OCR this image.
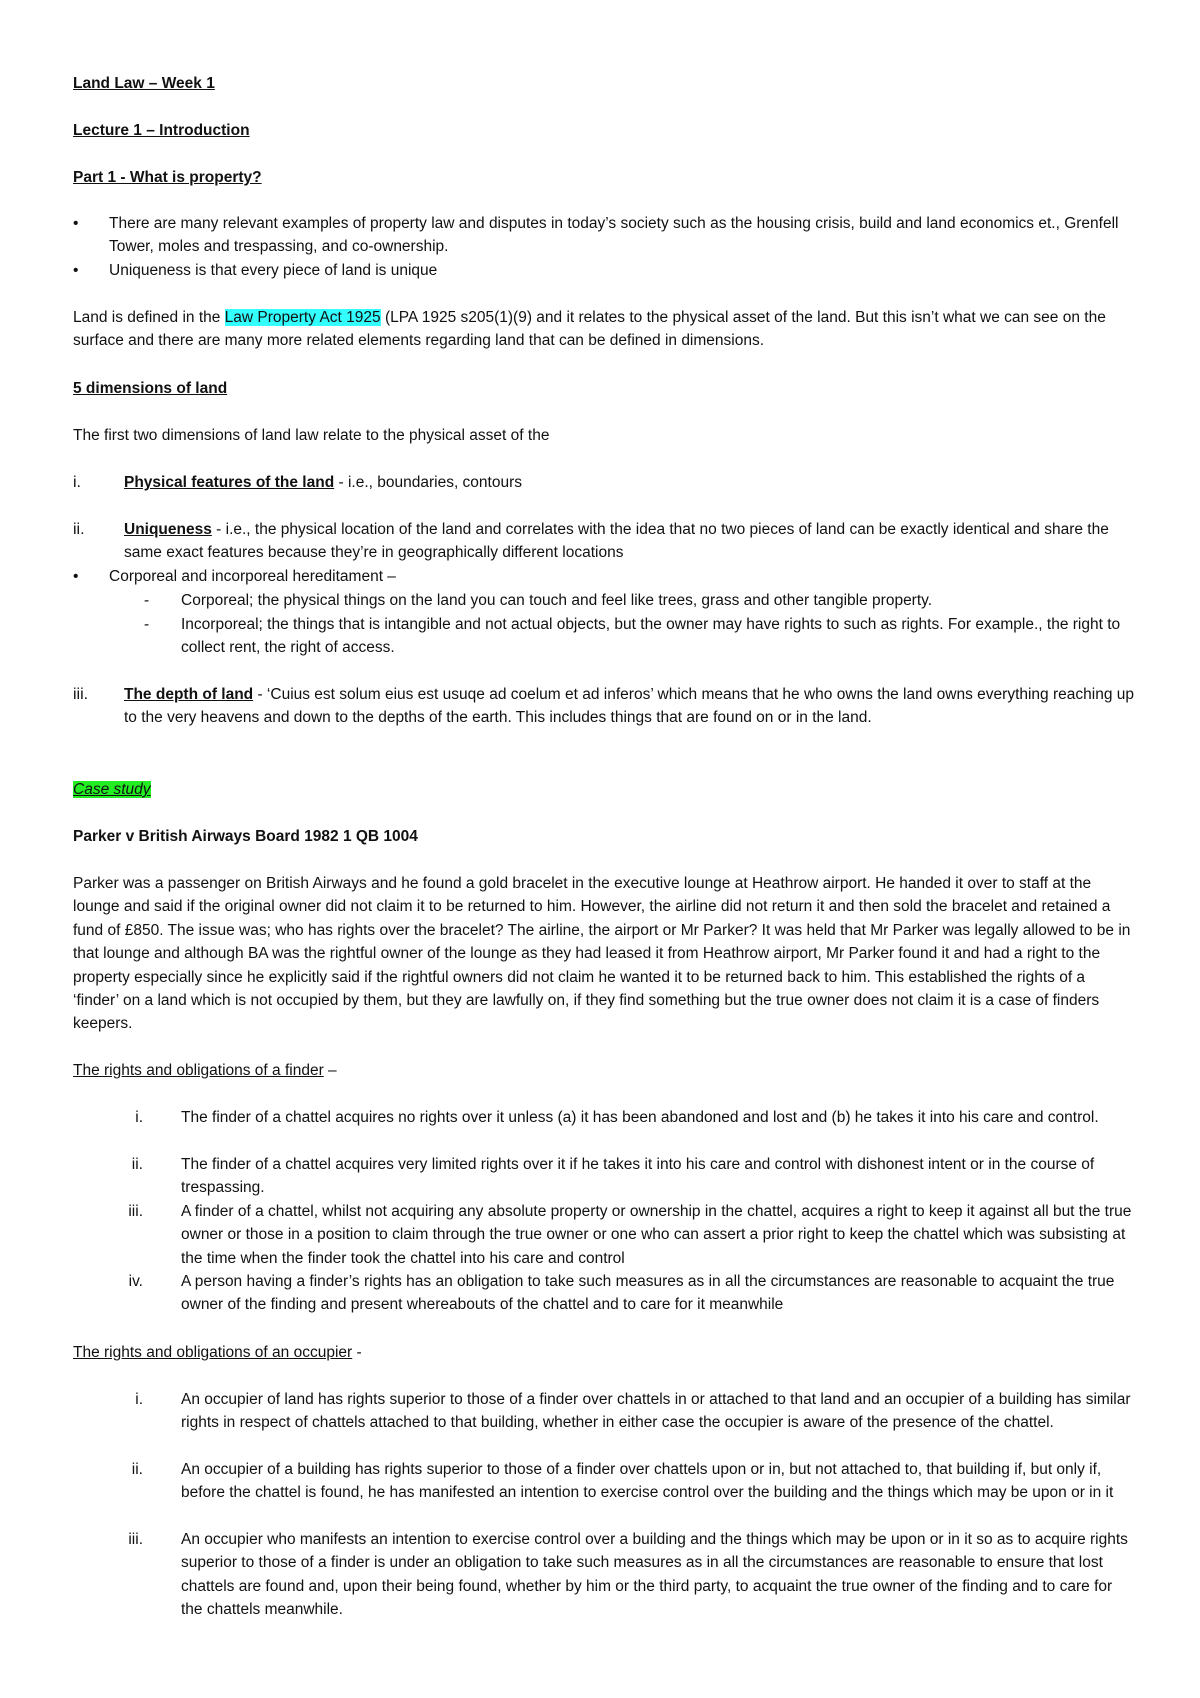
Land Law – Week 1

Lecture 1 – Introduction

Part 1 - What is property?

•	There are many relevant examples of property law and disputes in today’s society such as the housing crisis, build and land economics et., Grenfell Tower, moles and trespassing, and co-ownership.
•	Uniqueness is that every piece of land is unique

Land is defined in the Law Property Act 1925 (LPA 1925 s205(1)(9) and it relates to the physical asset of the land. But this isn’t what we can see on the surface and there are many more related elements regarding land that can be defined in dimensions.

5 dimensions of land

The first two dimensions of land law relate to the physical asset of the

i.	Physical features of the land - i.e., boundaries, contours
ii.	Uniqueness - i.e., the physical location of the land and correlates with the idea that no two pieces of land can be exactly identical and share the same exact features because they’re in geographically different locations
•	Corporeal and incorporeal hereditament –
-	Corporeal; the physical things on the land you can touch and feel like trees, grass and other tangible property.
-	Incorporeal; the things that is intangible and not actual objects, but the owner may have rights to such as rights. For example., the right to collect rent, the right of access.
iii.	The depth of land - ‘Cuius est solum eius est usuqe ad coelum et ad inferos’ which means that he who owns the land owns everything reaching up to the very heavens and down to the depths of the earth. This includes things that are found on or in the land.

Case study

Parker v British Airways Board 1982 1 QB 1004

Parker was a passenger on British Airways and he found a gold bracelet in the executive lounge at Heathrow airport. He handed it over to staff at the lounge and said if the original owner did not claim it to be returned to him. However, the airline did not return it and then sold the bracelet and retained a fund of £850. The issue was; who has rights over the bracelet? The airline, the airport or Mr Parker? It was held that Mr Parker was legally allowed to be in that lounge and although BA was the rightful owner of the lounge as they had leased it from Heathrow airport, Mr Parker found it and had a right to the property especially since he explicitly said if the rightful owners did not claim he wanted it to be returned back to him. This established the rights of a ‘finder’ on a land which is not occupied by them, but they are lawfully on, if they find something but the true owner does not claim it is a case of finders keepers.

The rights and obligations of a finder –

i. The finder of a chattel acquires no rights over it unless (a) it has been abandoned and lost and (b) he takes it into his care and control.
ii. The finder of a chattel acquires very limited rights over it if he takes it into his care and control with dishonest intent or in the course of trespassing.
iii. A finder of a chattel, whilst not acquiring any absolute property or ownership in the chattel, acquires a right to keep it against all but the true owner or those in a position to claim through the true owner or one who can assert a prior right to keep the chattel which was subsisting at the time when the finder took the chattel into his care and control
iv. A person having a finder’s rights has an obligation to take such measures as in all the circumstances are reasonable to acquaint the true owner of the finding and present whereabouts of the chattel and to care for it meanwhile

The rights and obligations of an occupier -

i. An occupier of land has rights superior to those of a finder over chattels in or attached to that land and an occupier of a building has similar rights in respect of chattels attached to that building, whether in either case the occupier is aware of the presence of the chattel.
ii. An occupier of a building has rights superior to those of a finder over chattels upon or in, but not attached to, that building if, but only if, before the chattel is found, he has manifested an intention to exercise control over the building and the things which may be upon or in it
iii. An occupier who manifests an intention to exercise control over a building and the things which may be upon or in it so as to acquire rights superior to those of a finder is under an obligation to take such measures as in all the circumstances are reasonable to ensure that lost chattels are found and, upon their being found, whether by him or the third party, to acquaint the true owner of the finding and to care for the chattels meanwhile.
